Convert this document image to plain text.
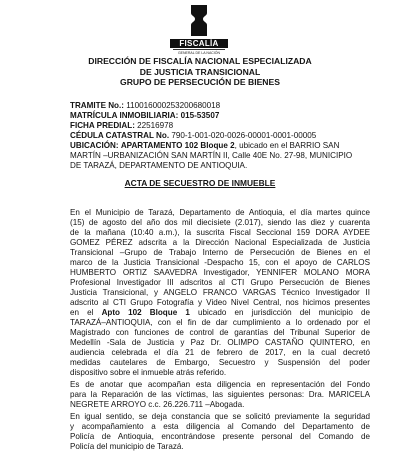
FISCALÍA
GENERAL DE LA NACIÓN
DIRECCIÓN DE FISCALÍA NACIONAL ESPECIALIZADA
DE JUSTICIA TRANSICIONAL
GRUPO DE PERSECUCIÓN DE BIENES
TRAMITE No.: 110016000253200680018
MATRÍCULA INMOBILIARIA: 015-53507
FICHA PREDIAL: 22516978
CÉDULA CATASTRAL No. 790-1-001-020-0026-00001-0001-00005
UBICACIÓN: APARTAMENTO 102 Bloque 2, ubicado en el BARRIO SAN
MARTÍN –URBANIZACIÓN SAN MARTÍN II, Calle 40E No. 27-98, MUNICIPIO
DE TARAZÁ, DEPARTAMENTO DE ANTIOQUIA.
ACTA DE SECUESTRO DE INMUEBLE
En el Municipio de Tarazá, Departamento de Antioquia, el día martes quince
(15) de agosto del año dos mil diecisiete (2.017), siendo las diez y cuarenta
de la mañana (10:40 a.m.), la suscrita Fiscal Seccional 159 DORA AYDEE
GOMEZ PÉREZ adscrita a la Dirección Nacional Especializada de Justicia
Transicional –Grupo de Trabajo Interno de Persecución de Bienes en el
marco de la Justicia Transicional -Despacho 15, con el apoyo de CARLOS
HUMBERTO ORTIZ SAAVEDRA Investigador, YENNIFER MOLANO MORA
Profesional Investigador III adscritos al CTI Grupo Persecución de Bienes
Justicia Transicional, y ANGELO FRANCO VARGAS Técnico Investigador II
adscrito al CTI Grupo Fotografía y Video Nivel Central, nos hicimos presentes
en el Apto 102 Bloque 1 ubicado en jurisdicción del municipio de
TARAZÁ–ANTIOQUIA, con el fin de dar cumplimiento a lo ordenado por el
Magistrado con funciones de control de garantías del Tribunal Superior de
Medellín -Sala de Justicia y Paz Dr. OLIMPO CASTAÑO QUINTERO, en
audiencia celebrada el día 21 de febrero de 2017, en la cual decretó
medidas cautelares de Embargo, Secuestro y Suspensión del poder
dispositivo sobre el inmueble atrás referido.
Es de anotar que acompañan esta diligencia en representación del Fondo
para la Reparación de las víctimas, las siguientes personas: Dra. MARICELA
NEGRETE ARROYO c.c. 26.226.711 –Abogada.
En igual sentido, se deja constancia que se solicitó previamente la seguridad
y acompañamiento a esta diligencia al Comando del Departamento de
Policía de Antioquia, encontrándose presente personal del Comando de
Policía del municipio de Tarazá.
